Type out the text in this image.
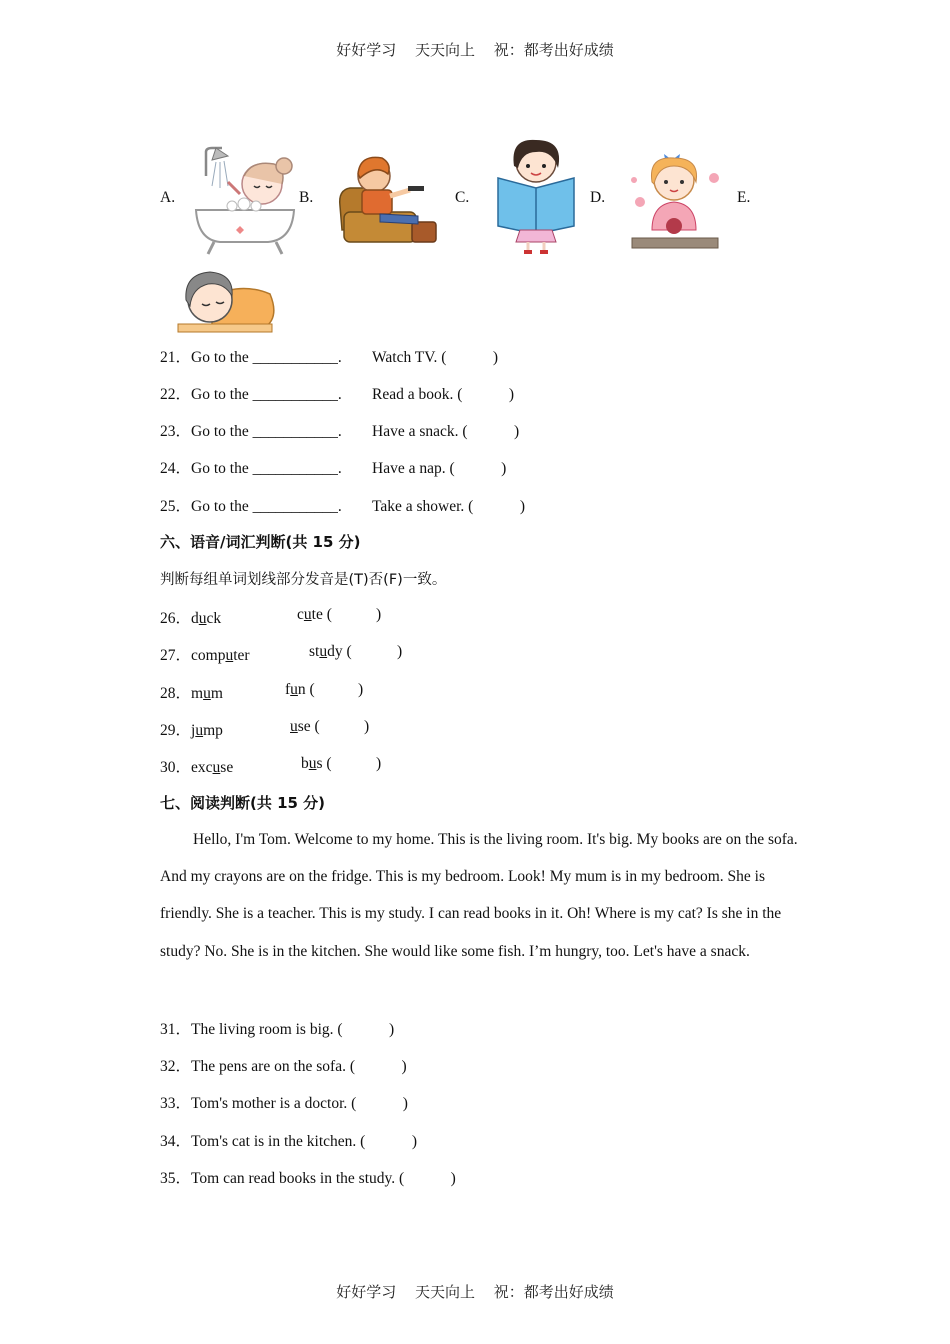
好好学习 天天向上 祝：都考出好成绩
A.	B.	C.	D.	E.
21．Go to the ___________. Watch TV. (　　　)
22．Go to the ___________. Read a book. (　　　)
23．Go to the ___________. Have a snack. (　　　)
24．Go to the ___________. Have a nap. (　　　)
25．Go to the ___________. Take a shower. (　　　)
六、语音/词汇判断(共 15 分)
判断每组单词划线部分发音是(T)否(F)一致。
26．duck	cute (	)
27．computer	study (	)
28．mum	fun (	)
29．jump	use (	)
30．excuse	bus (	)
七、阅读判断(共 15 分)
Hello, I'm Tom. Welcome to my home. This is the living room. It's big. My books are on the sofa. And my crayons are on the fridge. This is my bedroom. Look! My mum is in my bedroom. She is friendly. She is a teacher. This is my study. I can read books in it. Oh! Where is my cat? Is she in the study? No. She is in the kitchen. She would like some fish. I’m hungry, too. Let's have a snack.
31．The living room is big. (　　　)
32．The pens are on the sofa. (　　　)
33．Tom's mother is a doctor. (　　　)
34．Tom's cat is in the kitchen. (　　　)
35．Tom can read books in the study. (　　　)
好好学习 天天向上 祝：都考出好成绩
